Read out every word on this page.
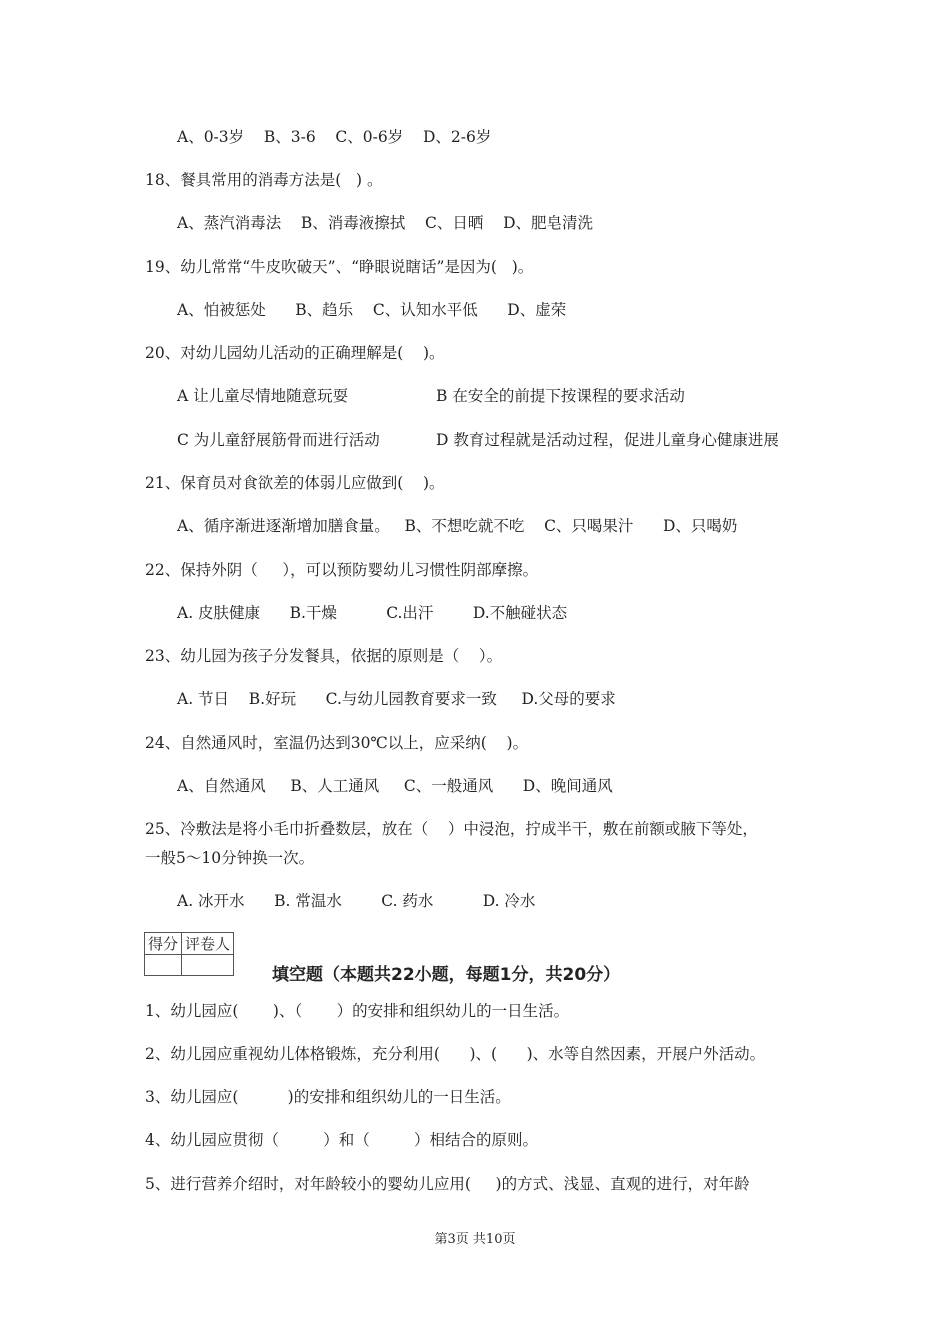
A、0-3岁    B、3-6    C、0-6岁    D、2-6岁
18、餐具常用的消毒方法是(   ) 。
A、蒸汽消毒法    B、消毒液擦拭    C、日晒    D、肥皂清洗
19、幼儿常常“牛皮吹破天”、“睁眼说瞎话”是因为(   )。
A、怕被惩处      B、趋乐    C、认知水平低      D、虚荣
20、对幼儿园幼儿活动的正确理解是(    )。
A 让儿童尽情地随意玩耍	B 在安全的前提下按课程的要求活动
C 为儿童舒展筋骨而进行活动	D 教育过程就是活动过程，促进儿童身心健康进展
21、保育员对食欲差的体弱儿应做到(    )。
A、循序渐进逐渐增加膳食量。   B、不想吃就不吃    C、只喝果汁      D、只喝奶
22、保持外阴（     ），可以预防婴幼儿习惯性阴部摩擦。
A. 皮肤健康      B.干燥          C.出汗        D.不触碰状态
23、幼儿园为孩子分发餐具，依据的原则是（    ）。
A. 节日    B.好玩      C.与幼儿园教育要求一致     D.父母的要求
24、自然通风时，室温仍达到30℃以上，应采纳(    )。
A、自然通风     B、人工通风     C、一般通风      D、晚间通风
25、冷敷法是将小毛巾折叠数层，放在（    ）中浸泡，拧成半干，敷在前额或腋下等处，
一般5～10分钟换一次。
A. 冰开水      B. 常温水        C. 药水          D. 冷水
得分	评卷人

填空题（本题共22小题，每题1分，共20分）
1、幼儿园应(       )、（       ）的安排和组织幼儿的一日生活。
2、幼儿园应重视幼儿体格锻炼，充分利用(      )、(      )、水等自然因素，开展户外活动。
3、幼儿园应(          )的安排和组织幼儿的一日生活。
4、幼儿园应贯彻（         ）和（         ）相结合的原则。
5、进行营养介绍时，对年龄较小的婴幼儿应用(     )的方式、浅显、直观的进行，对年龄
第3页 共10页
